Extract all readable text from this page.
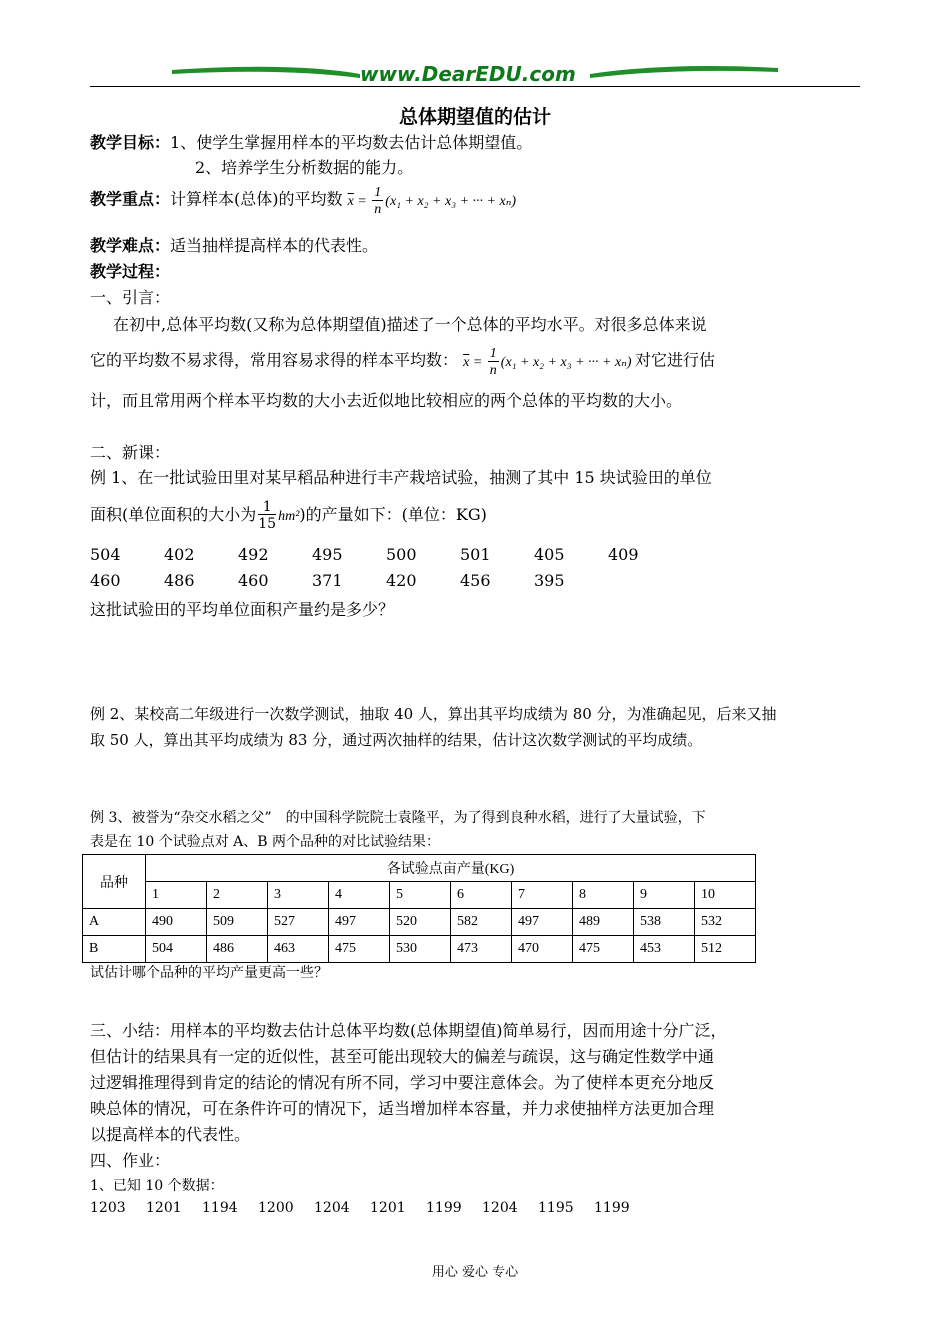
www.DearEDU.com
总体期望值的估计
教学目标：1、使学生掌握用样本的平均数去估计总体期望值。
2、培养学生分析数据的能力。
教学重点：计算样本(总体)的平均数 $\overline{x} = \frac{1}{n} (x_1 + x_2 + x_3$ + ··· + xₙ)
教学难点：适当抽样提高样本的代表性。
教学过程：
一、引言：
在初中,总体平均数(又称为总体期望值)描述了一个总体的平均水平。对很多总体来说
它的平均数不易求得，常用容易求得的样本平均数： $\overline{x} = \frac{1}{n} (x_1 + x_2 + x_3$ + ··· + xₙ) 对它进行估
计，而且常用两个样本平均数的大小去近似地比较相应的两个总体的平均数的大小。
二、新课：
例 1、在一批试验田里对某早稻品种进行丰产栽培试验，抽测了其中 15 块试验田的单位
面积(单位面积的大小为 $\frac{1}{15} hm^2$)的产量如下：(单位：KG)
504	402	492	495	500	501	405	409
460	486	460	371	420	456	395
这批试验田的平均单位面积产量约是多少？
例 2、某校高二年级进行一次数学测试，抽取 40 人，算出其平均成绩为 80 分，为准确起见，后来又抽
取 50 人，算出其平均成绩为 83 分，通过两次抽样的结果，估计这次数学测试的平均成绩。
例 3、被誉为“杂交水稻之父”　的中国科学院院士袁隆平，为了得到良种水稻，进行了大量试验，下
表是在 10 个试验点对 A、B 两个品种的对比试验结果：
品种	各试验点亩产量(KG)									
	1	2	3	4	5	6	7	8	9	10
A	490	509	527	497	520	582	497	489	538	532
B	504	486	463	475	530	473	470	475	453	512
试估计哪个品种的平均产量更高一些？
三、小结：用样本的平均数去估计总体平均数(总体期望值)简单易行，因而用途十分广泛，
但估计的结果具有一定的近似性，甚至可能出现较大的偏差与疏误，这与确定性数学中通
过逻辑推理得到肯定的结论的情况有所不同，学习中要注意体会。为了使样本更充分地反
映总体的情况，可在条件许可的情况下，适当增加样本容量，并力求使抽样方法更加合理
以提高样本的代表性。
四、作业：
1、已知 10 个数据：
1203 1201 1194 1200 1204 1201 1199 1204 1195 1199
用心 爱心 专心
